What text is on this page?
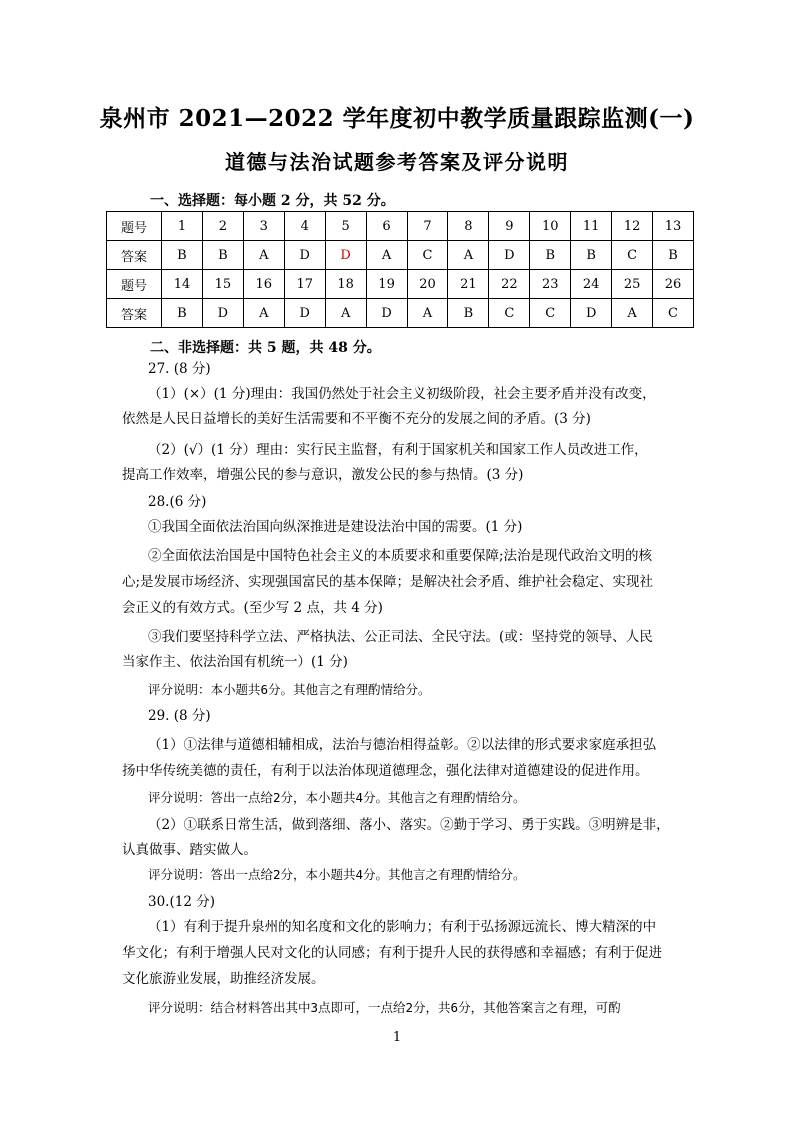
泉州市 2021—2022 学年度初中教学质量跟踪监测(一)
道德与法治试题参考答案及评分说明
一、选择题：每小题 2 分，共 52 分。
题号	1	2	3	4	5	6	7	8	9	10	11	12	13
答案	B	B	A	D	D	A	C	A	D	B	B	C	B
题号	14	15	16	17	18	19	20	21	22	23	24	25	26
答案	B	D	A	D	A	D	A	B	C	C	D	A	C
二、非选择题：共 5 题，共 48 分。
27. (8 分)
（1）(×）(1 分)理由：我国仍然处于社会主义初级阶段，社会主要矛盾并没有改变，
依然是人民日益增长的美好生活需要和不平衡不充分的发展之间的矛盾。(3 分)
（2）(√）(1 分）理由：实行民主监督，有利于国家机关和国家工作人员改进工作，
提高工作效率，增强公民的参与意识，激发公民的参与热情。(3 分)
28.(6 分)
①我国全面依法治国向纵深推进是建设法治中国的需要。(1 分)
②全面依法治国是中国特色社会主义的本质要求和重要保障;法治是现代政治文明的核
心;是发展市场经济、实现强国富民的基本保障；是解决社会矛盾、维护社会稳定、实现社
会正义的有效方式。(至少写 2 点，共 4 分)
③我们要坚持科学立法、严格执法、公正司法、全民守法。(或：坚持党的领导、人民
当家作主、依法治国有机统一）(1 分)
评分说明：本小题共6分。其他言之有理酌情给分。
29. (8 分)
（1）①法律与道德相辅相成，法治与德治相得益彰。②以法律的形式要求家庭承担弘
扬中华传统美德的责任，有利于以法治体现道德理念，强化法律对道德建设的促进作用。
评分说明：答出一点给2分，本小题共4分。其他言之有理酌情给分。
（2）①联系日常生活，做到落细、落小、落实。②勤于学习、勇于实践。③明辨是非，
认真做事、踏实做人。
评分说明：答出一点给2分，本小题共4分。其他言之有理酌情给分。
30.(12 分)
（1）有利于提升泉州的知名度和文化的影响力；有利于弘扬源远流长、博大精深的中
华文化；有利于增强人民对文化的认同感；有利于提升人民的获得感和幸福感；有利于促进
文化旅游业发展，助推经济发展。
评分说明：结合材料答出其中3点即可，一点给2分，共6分，其他答案言之有理，可酌
1
